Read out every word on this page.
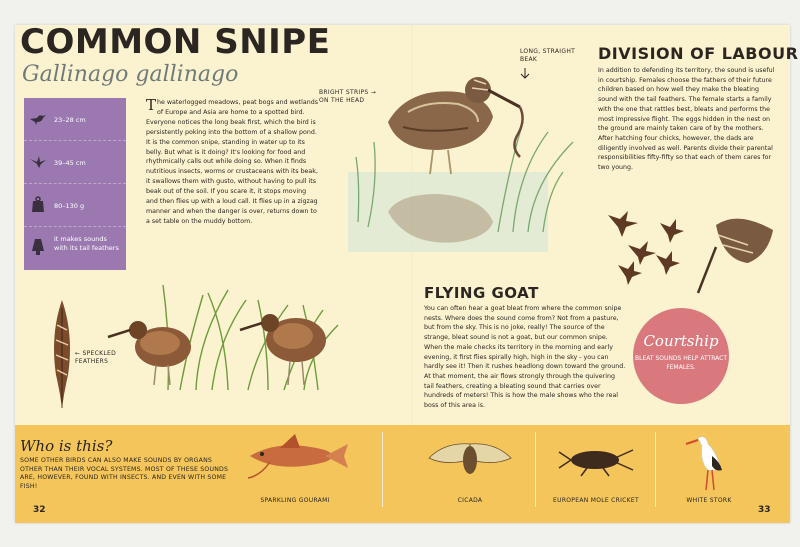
COMMON SNIPE
Gallinago gallinago
23–28 cm
39–45 cm
80–130 g
it makes sounds with its tail feathers
The waterlogged meadows, peat bogs and wetlands of Europe and Asia are home to a spotted bird. Everyone notices the long beak first, which the bird is persistently poking into the bottom of a shallow pond. It is the common snipe, standing in water up to its belly. But what is it doing? It's looking for food and rhythmically calls out while doing so. When it finds nutritious insects, worms or crustaceans with its beak, it swallows them with gusto, without having to pull its beak out of the soil. If you scare it, it stops moving and then flies up with a loud call. It flies up in a zigzag manner and when the danger is over, returns down to a set table on the muddy bottom.
← SPECKLED FEATHERS
BRIGHT STRIPS → ON THE HEAD
LONG, STRAIGHT BEAK	DIVISION OF LABOUR
In addition to defending its territory, the sound is useful in courtship. Females choose the fathers of their future children based on how well they make the bleating sound with the tail feathers. The female starts a family with the one that rattles best, bleats and performs the most impressive flight. The eggs hidden in the nest on the ground are mainly taken care of by the mothers. After hatching four chicks, however, the dads are diligently involved as well. Parents divide their parental responsibilities fifty-fifty so that each of them cares for two young.
FLYING GOAT
You can often hear a goat bleat from where the common snipe nests. Where does the sound come from? Not from a pasture, but from the sky. This is no joke, really! The source of the strange, bleat sound is not a goat, but our common snipe. When the male checks its territory in the morning and early evening, it first flies spirally high, high in the sky - you can hardly see it! Then it rushes headlong down toward the ground. At that moment, the air flows strongly through the quivering tail feathers, creating a bleating sound that carries over hundreds of meters! This is how the male shows who the real boss of this area is.
Courtship
BLEAT SOUNDS HELP ATTRACT FEMALES.
Who is this?
SOME OTHER BIRDS CAN ALSO MAKE SOUNDS BY ORGANS OTHER THAN THEIR VOCAL SYSTEMS. MOST OF THESE SOUNDS ARE, HOWEVER, FOUND WITH INSECTS. AND EVEN WITH SOME FISH!
SPARKLING GOURAMI	CICADA	EUROPEAN MOLE CRICKET	WHITE STORK
32	33
